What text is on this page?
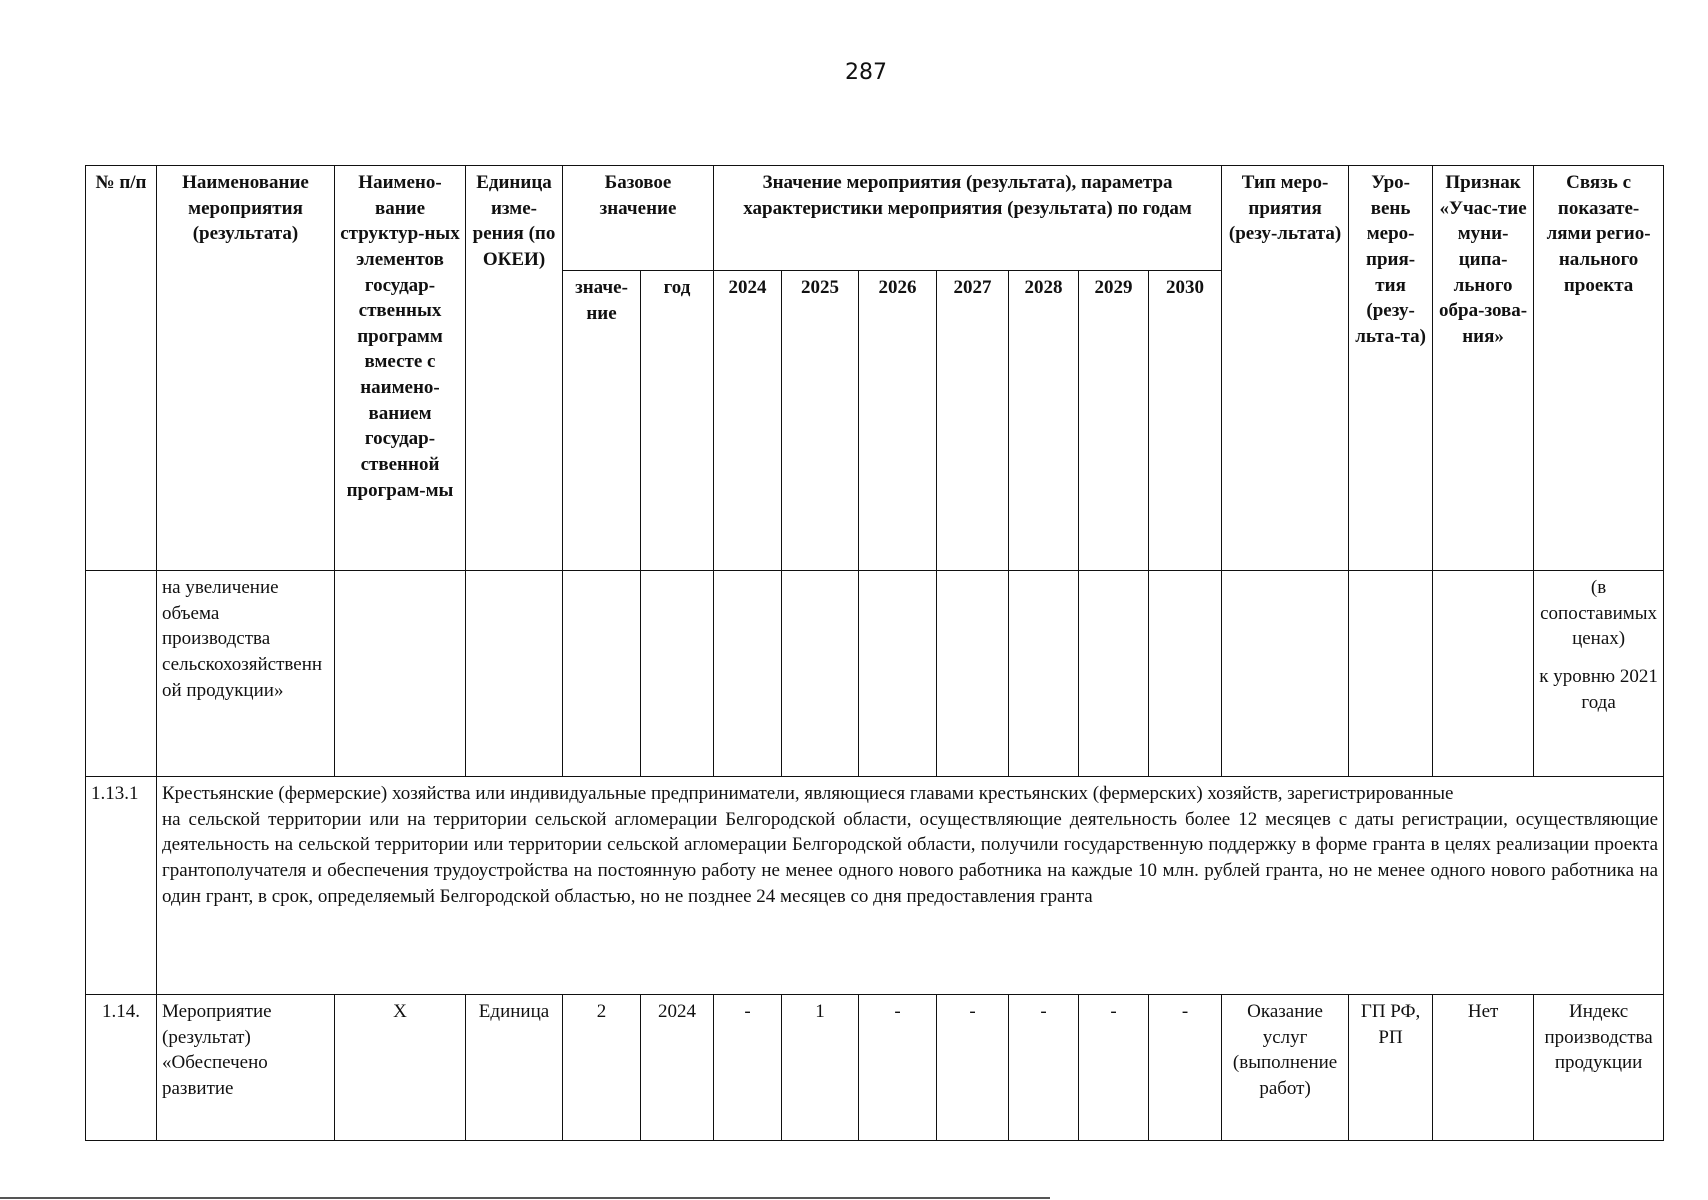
287
№ п/п	Наименование мероприятия (результата)	Наимено-вание структур-ных элементов государ-ственных программ вместе с наимено-ванием государ-ственной програм-мы	Единица изме-рения (по ОКЕИ)	Базовое значение		Значение мероприятия (результата), параметра характеристики мероприятия (результата) по годам							Тип меро-приятия (резу-льтата)	Уро-вень меро-прия-тия (резу-льта-та)	Признак «Учас-тие муни-ципа-льного обра-зова-ния»	Связь с показате-лями регио-нального проекта
				значе-ние	год	2024	2025	2026	2027	2028	2029	2030				
	на увеличение объема производства сельскохозяйственной продукции»															(в сопоставимых ценах)
к уровню 2021 года

1.13.1	Крестьянские (фермерские) хозяйства или индивидуальные предприниматели, являющиеся главами крестьянских (фермерских) хозяйств, зарегистрированные
на сельской территории или на территории сельской агломерации Белгородской области, осуществляющие деятельность более 12 месяцев с даты регистрации, осуществляющие деятельность на сельской территории или территории сельской агломерации Белгородской области, получили государственную поддержку в форме гранта в целях реализации проекта грантополучателя и обеспечения трудоустройства на постоянную работу не менее одного нового работника на каждые 10 млн. рублей гранта, но не менее одного нового работника на один грант, в срок, определяемый Белгородской областью, но не позднее 24 месяцев со дня предоставления гранта															

1.14.	Мероприятие (результат) «Обеспечено развитие	X	Единица	2	2024	-	1	-	-	-	-	-	Оказание услуг (выполнение работ)	ГП РФ, РП	Нет	Индекс производства продукции
